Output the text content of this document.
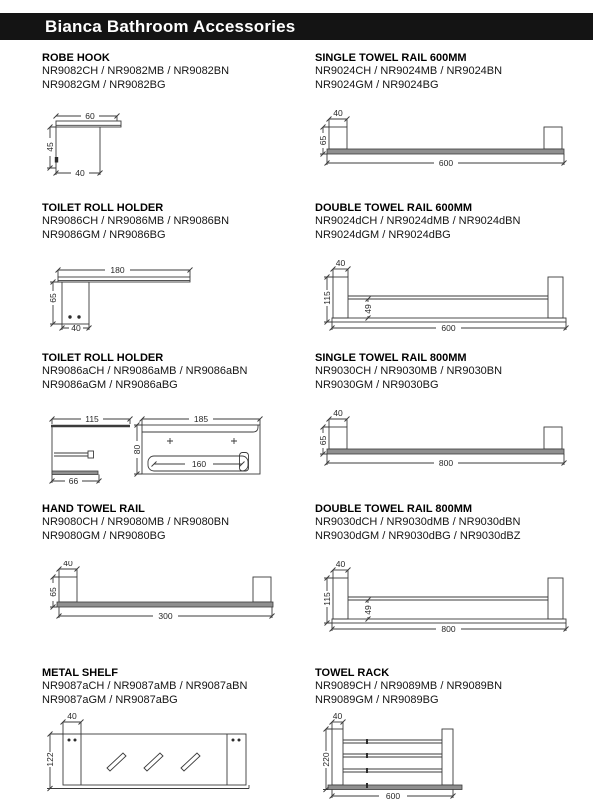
Bianca Bathroom Accessories
ROBE HOOK
NR9082CH / NR9082MB / NR9082BN
NR9082GM / NR9082BG
60
45
40
SINGLE TOWEL RAIL 600MM
NR9024CH / NR9024MB / NR9024BN
NR9024GM / NR9024BG
40
65
600
TOILET ROLL HOLDER
NR9086CH / NR9086MB / NR9086BN
NR9086GM / NR9086BG
180
65
40
DOUBLE TOWEL RAIL 600MM
NR9024dCH / NR9024dMB / NR9024dBN
NR9024dGM / NR9024dBG
40
115
49
600
TOILET ROLL HOLDER
NR9086aCH / NR9086aMB / NR9086aBN
NR9086aGM / NR9086aBG
115
66
185
80
160
SINGLE TOWEL RAIL 800MM
NR9030CH / NR9030MB / NR9030BN
NR9030GM / NR9030BG
40
65
800
HAND TOWEL RAIL
NR9080CH / NR9080MB / NR9080BN
NR9080GM / NR9080BG
40
65
300
DOUBLE TOWEL RAIL 800MM
NR9030dCH / NR9030dMB / NR9030dBN
NR9030dGM / NR9030dBG / NR9030dBZ
40
115
49
800
METAL SHELF
NR9087aCH / NR9087aMB / NR9087aBN
NR9087aGM / NR9087aBG
40
122
TOWEL RACK
NR9089CH / NR9089MB / NR9089BN
NR9089GM / NR9089BG
40
220
600
